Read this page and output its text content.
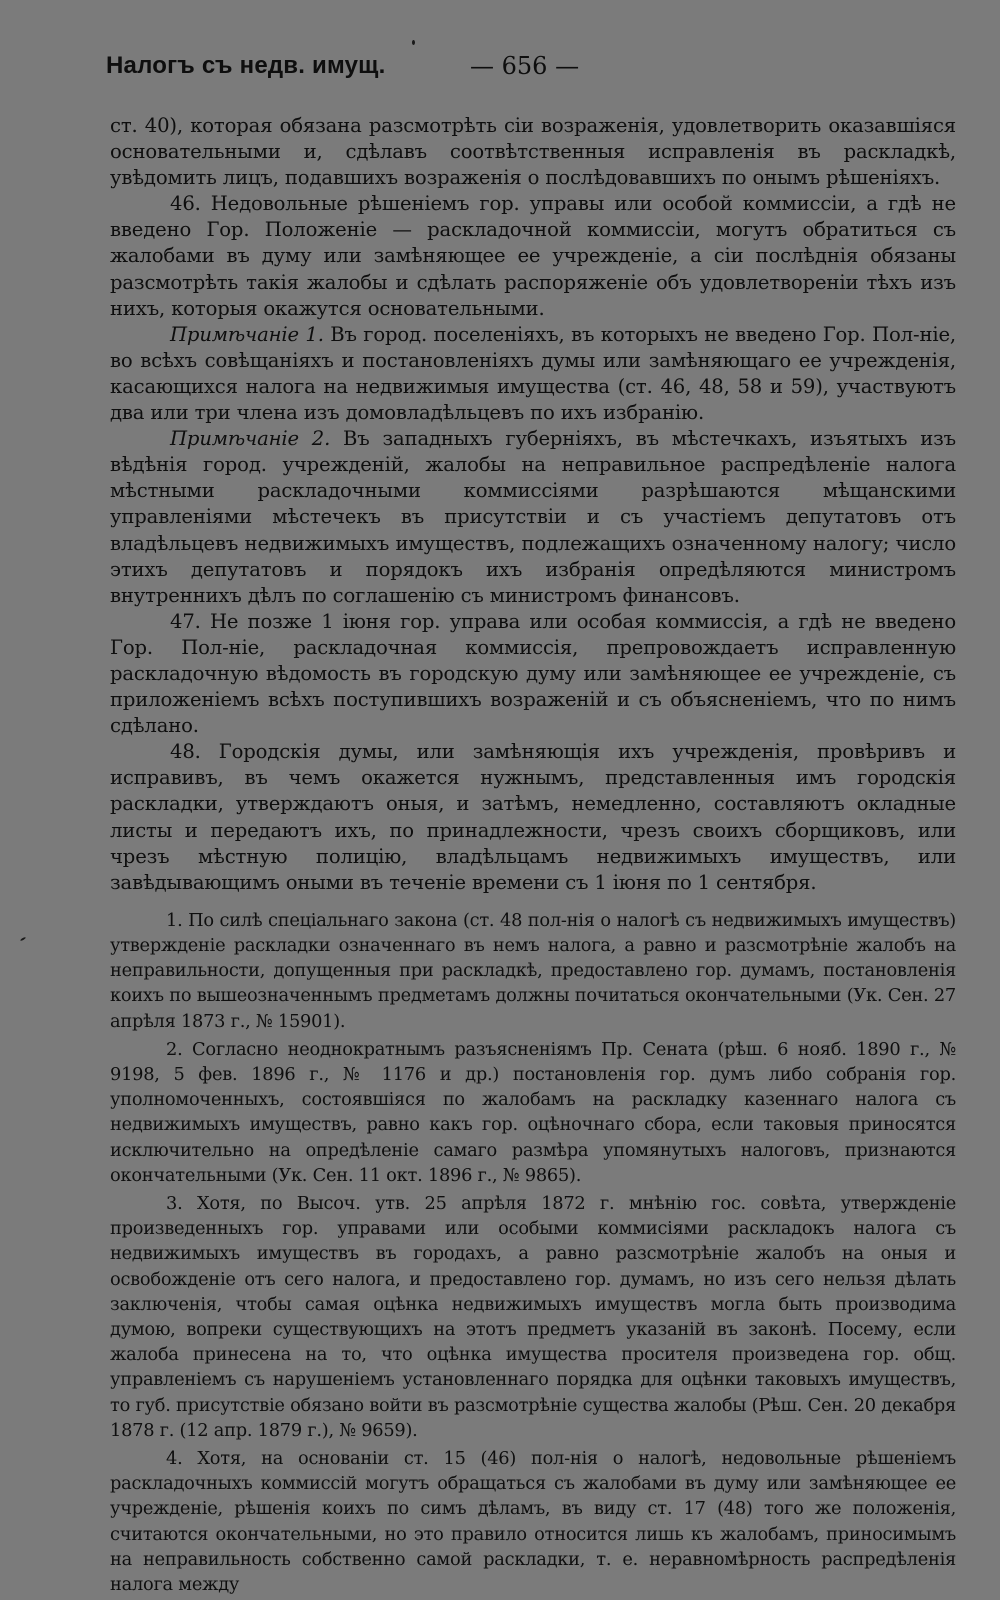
Налогъ съ недв. имущ.	— 656 —

ст. 40), которая обязана разсмотрѣть сіи возраженія, удовлетворить оказавшіяся основательными и, сдѣлавъ соотвѣтственныя исправленія въ раскладкѣ, увѣдомить лицъ, подавшихъ возраженія о послѣдовавшихъ по онымъ рѣшеніяхъ.

46. Недовольные рѣшеніемъ гор. управы или особой коммиссіи, а гдѣ не введено Гор. Положеніе — раскладочной коммиссіи, могутъ обратиться съ жалобами въ думу или замѣняющее ее учрежденіе, а сіи послѣднія обязаны разсмотрѣть такія жалобы и сдѣлать распоряженіе объ удовлетвореніи тѣхъ изъ нихъ, которыя окажутся основательными.

Примѣчаніе 1. Въ город. поселеніяхъ, въ которыхъ не введено Гор. Пол-ніе, во всѣхъ совѣщаніяхъ и постановленіяхъ думы или замѣняющаго ее учрежденія, касающихся налога на недвижимыя имущества (ст. 46, 48, 58 и 59), участвуютъ два или три члена изъ домовладѣльцевъ по ихъ избранію.

Примѣчаніе 2. Въ западныхъ губерніяхъ, въ мѣстечкахъ, изъятыхъ изъ вѣдѣнія город. учрежденій, жалобы на неправильное распредѣленіе налога мѣстными раскладочными коммиссіями разрѣшаются мѣщанскими управленіями мѣстечекъ въ присутствіи и съ участіемъ депутатовъ отъ владѣльцевъ недвижимыхъ имуществъ, подлежащихъ означенному налогу; число этихъ депутатовъ и порядокъ ихъ избранія опредѣляются министромъ внутреннихъ дѣлъ по соглашенію съ министромъ финансовъ.

47. Не позже 1 іюня гор. управа или особая коммиссія, а гдѣ не введено Гор. Пол-ніе, раскладочная коммиссія, препровождаетъ исправленную раскладочную вѣдомость въ городскую думу или замѣняющее ее учрежденіе, съ приложеніемъ всѣхъ поступившихъ возраженій и съ объясненіемъ, что по нимъ сдѣлано.

48. Городскія думы, или замѣняющія ихъ учрежденія, провѣривъ и исправивъ, въ чемъ окажется нужнымъ, представленныя имъ городскія раскладки, утверждаютъ оныя, и затѣмъ, немедленно, составляютъ окладные листы и передаютъ ихъ, по принадлежности, чрезъ своихъ сборщиковъ, или чрезъ мѣстную полицію, владѣльцамъ недвижимыхъ имуществъ, или завѣдывающимъ оными въ теченіе времени съ 1 іюня по 1 сентября.

1. По силѣ спеціальнаго закона (ст. 48 пол-нія о налогѣ съ недвижимыхъ имуществъ) утвержденіе раскладки означеннаго въ немъ налога, а равно и разсмотрѣніе жалобъ на неправильности, допущенныя при раскладкѣ, предоставлено гор. думамъ, постановленія коихъ по вышеозначеннымъ предметамъ должны почитаться окончательными (Ук. Сен. 27 апрѣля 1873 г., № 15901).

2. Согласно неоднократнымъ разъясненіямъ Пр. Сената (рѣш. 6 нояб. 1890 г., № 9198, 5 фев. 1896 г., № 1176 и др.) постановленія гор. думъ либо собранія гор. уполномоченныхъ, состоявшіяся по жалобамъ на раскладку казеннаго налога съ недвижимыхъ имуществъ, равно какъ гор. оцѣночнаго сбора, если таковыя приносятся исключительно на опредѣленіе самаго размѣра упомянутыхъ налоговъ, признаются окончательными (Ук. Сен. 11 окт. 1896 г., № 9865).

3. Хотя, по Высоч. утв. 25 апрѣля 1872 г. мнѣнію гос. совѣта, утвержденіе произведенныхъ гор. управами или особыми коммисіями раскладокъ налога съ недвижимыхъ имуществъ въ городахъ, а равно разсмотрѣніе жалобъ на оныя и освобожденіе отъ сего налога, и предоставлено гор. думамъ, но изъ сего нельзя дѣлать заключенія, чтобы самая оцѣнка недвижимыхъ имуществъ могла быть производима думою, вопреки существующихъ на этотъ предметъ указаній въ законѣ. Посему, если жалоба принесена на то, что оцѣнка имущества просителя произведена гор. общ. управленіемъ съ нарушеніемъ установленнаго порядка для оцѣнки таковыхъ имуществъ, то губ. присутствіе обязано войти въ разсмотрѣніе существа жалобы (Рѣш. Сен. 20 декабря 1878 г. (12 апр. 1879 г.), № 9659).

4. Хотя, на основаніи ст. 15 (46) пол-нія о налогѣ, недовольные рѣшеніемъ раскладочныхъ коммиссій могутъ обращаться съ жалобами въ думу или замѣняющее ее учрежденіе, рѣшенія коихъ по симъ дѣламъ, въ виду ст. 17 (48) того же положенія, считаются окончательными, но это правило относится лишь къ жалобамъ, приносимымъ на неправильность собственно самой раскладки, т. е. неравномѣрность распредѣленія налога между
